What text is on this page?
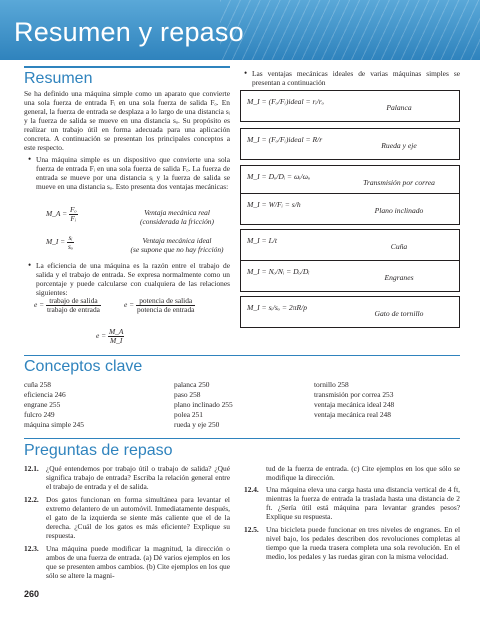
Resumen y repaso
Resumen
Se ha definido una máquina simple como un aparato que convierte una sola fuerza de entrada Fᵢ en una sola fuerza de salida Fₒ. En general, la fuerza de entrada se desplaza a lo largo de una distancia sᵢ y la fuerza de salida se mueve en una distancia sₒ. Su propósito es realizar un trabajo útil en forma adecuada para una aplicación concreta. A continuación se presentan los principales conceptos a este respecto.
• Una máquina simple es un dispositivo que convierte una sola fuerza de entrada Fᵢ en una sola fuerza de salida Fₒ. La fuerza de entrada se mueve por una distancia sᵢ y la fuerza de salida se mueve en una distancia sₒ. Esto presenta dos ventajas mecánicas:
M_A = $\frac{\text{Fₒ}}{\text{Fᵢ}}$	Ventaja mecánica real
(considerada la fricción)
M_I = $\frac{\text{sᵢ}}{\text{sₒ}}$	Ventaja mecánica ideal
(se supone que no hay fricción)
• La eficiencia de una máquina es la razón entre el trabajo de salida y el trabajo de entrada. Se expresa normalmente como un porcentaje y puede calcularse con cualquiera de las relaciones siguientes:
e = trabajo de salida
trabajo de entrada
e = potencia de salida
potencia de entrada
$e = \frac{M\_A}{M\_I}$
• Las ventajas mecánicas ideales de varias máquinas simples se presentan a continuación
M_I = (Fₒ/Fᵢ)ideal = rᵢ/rₒ
Palanca
M_I = (Fₒ/Fᵢ)ideal = R/r
Rueda y eje
M_I = Dₒ/Dᵢ = ωᵢ/ωₒ
Transmisión por correa
M_I = W/Fᵢ = s/h
Plano inclinado
M_I = L/t
Cuña
M_I = Nₒ/Nᵢ = Dₒ/Dᵢ
Engranes
M_I = sᵢ/sₒ = 2πR/p
Gato de tornillo
Conceptos clave
cuña 258
eficiencia 246
engrane 255
fulcro 249
máquina simple 245
palanca 250
paso 258
plano inclinado 255
polea 251
rueda y eje 250
tornillo 258
transmisión por correa 253
ventaja mecánica ideal 248
ventaja mecánica real 248
Preguntas de repaso
12.1. ¿Qué entendemos por trabajo útil o trabajo de salida? ¿Qué significa trabajo de entrada? Escriba la relación general entre el trabajo de entrada y el de salida.
12.2. Dos gatos funcionan en forma simultánea para levantar el extremo delantero de un automóvil. Inmediatamente después, el gato de la izquierda se siente más caliente que el de la derecha. ¿Cuál de los gatos es más eficiente? Explique su respuesta.
12.3. Una máquina puede modificar la magnitud, la dirección o ambos de una fuerza de entrada. (a) Dé varios ejemplos en los que se presenten ambos cambios. (b) Cite ejemplos en los que sólo se altere la magni-
tud de la fuerza de entrada. (c) Cite ejemplos en los que sólo se modifique la dirección.
12.4. Una máquina eleva una carga hasta una distancia vertical de 4 ft, mientras la fuerza de entrada la traslada hasta una distancia de 2 ft. ¿Sería útil está máquina para levantar grandes pesos? Explique su respuesta.
12.5. Una bicicleta puede funcionar en tres niveles de engranes. En el nivel bajo, los pedales describen dos revoluciones completas al tiempo que la rueda trasera completa una sola revolución. En el medio, los pedales y las ruedas giran con la misma velocidad.
260
